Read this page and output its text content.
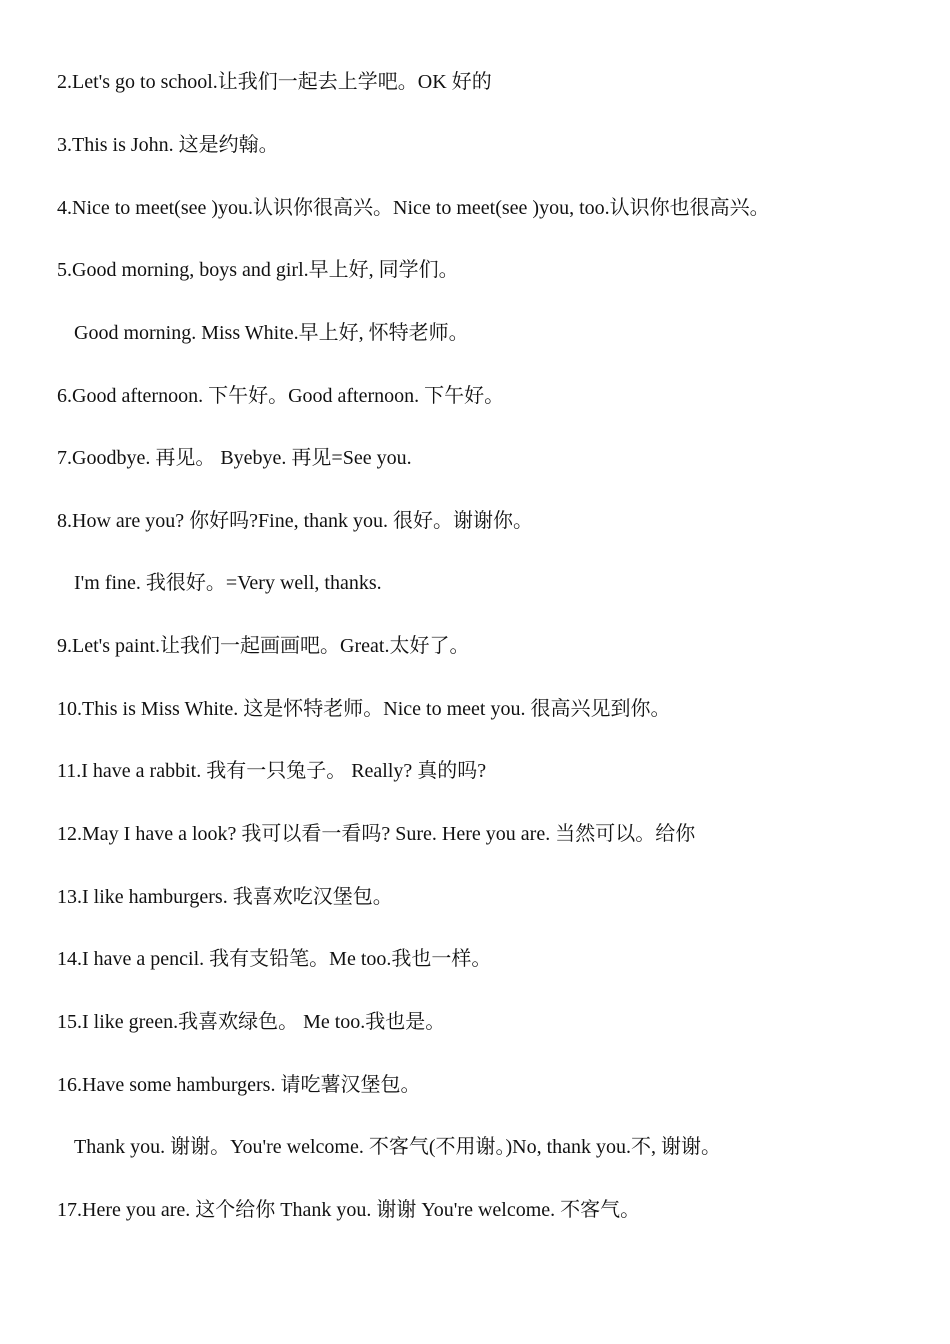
2.Let's go to school.让我们一起去上学吧。OK 好的
3.This is John. 这是约翰。
4.Nice to meet(see )you.认识你很高兴。Nice to meet(see )you, too.认识你也很高兴。
5.Good morning, boys and girl.早上好, 同学们。
Good morning. Miss White.早上好, 怀特老师。
6.Good afternoon. 下午好。Good afternoon. 下午好。
7.Goodbye. 再见。 Byebye. 再见=See you.
8.How are you? 你好吗?Fine, thank you. 很好。谢谢你。
I'm fine. 我很好。=Very well, thanks.
9.Let's paint.让我们一起画画吧。Great.太好了。
10.This is Miss White. 这是怀特老师。Nice to meet you. 很高兴见到你。
11.I have a rabbit. 我有一只兔子。 Really? 真的吗?
12.May I have a look? 我可以看一看吗? Sure. Here you are. 当然可以。给你
13.I like hamburgers. 我喜欢吃汉堡包。
14.I have a pencil. 我有支铅笔。Me too.我也一样。
15.I like green.我喜欢绿色。 Me too.我也是。
16.Have some hamburgers. 请吃薯汉堡包。
Thank you. 谢谢。You're welcome. 不客气(不用谢。)No, thank you.不, 谢谢。
17.Here you are. 这个给你 Thank you. 谢谢 You're welcome. 不客气。
